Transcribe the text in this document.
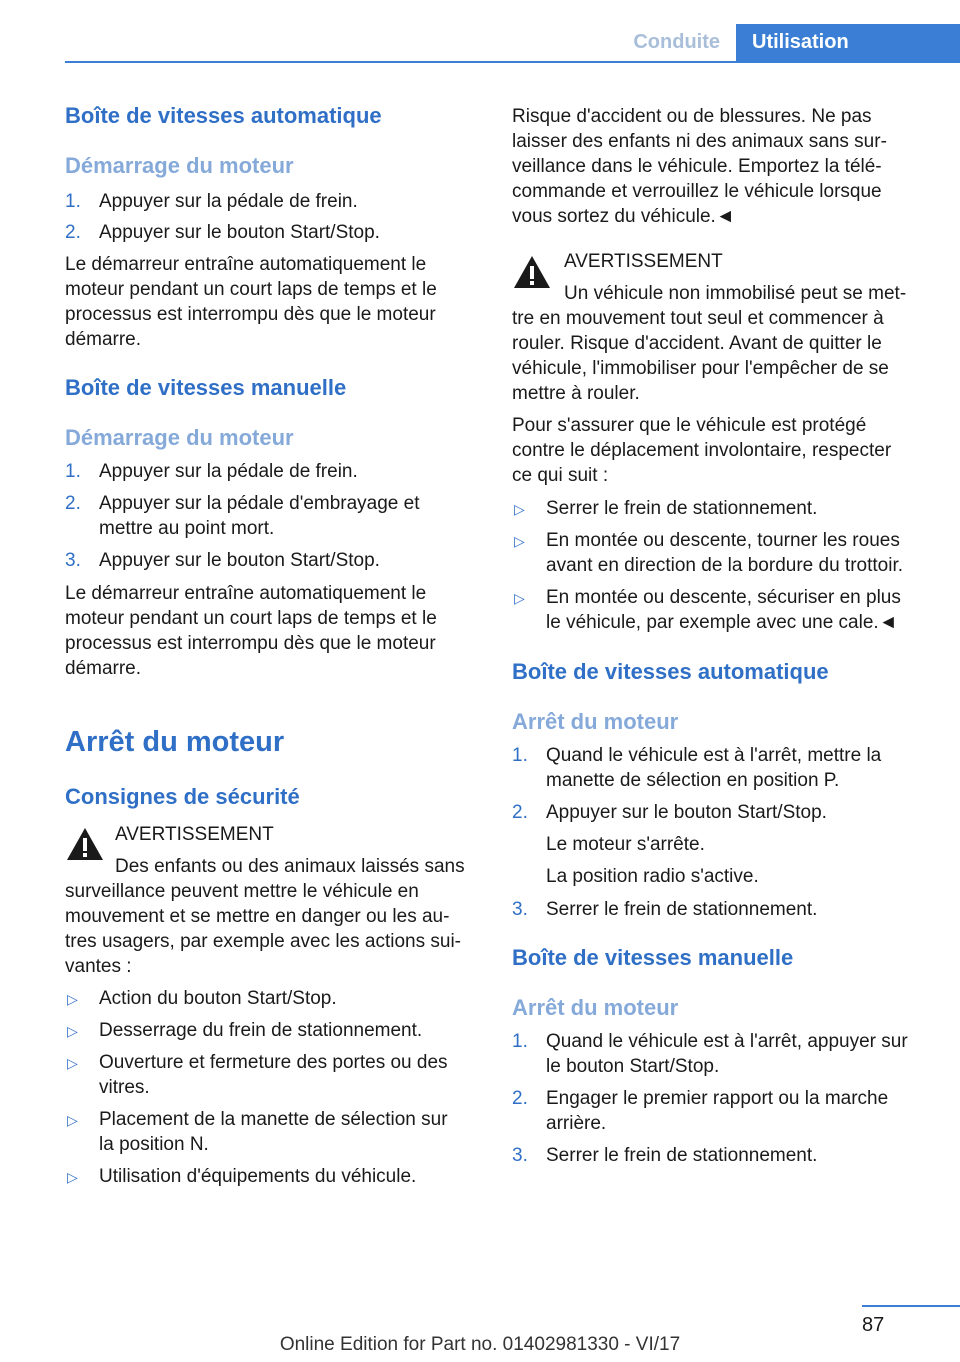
Conduite	Utilisation
Boîte de vitesses automatique
Démarrage du moteur
1. Appuyer sur la pédale de frein.
2. Appuyer sur le bouton Start/Stop.
Le démarreur entraîne automatiquement le
moteur pendant un court laps de temps et le
processus est interrompu dès que le moteur
démarre.
Boîte de vitesses manuelle
Démarrage du moteur
1. Appuyer sur la pédale de frein.
2. Appuyer sur la pédale d'embrayage et
mettre au point mort.
3. Appuyer sur le bouton Start/Stop.
Le démarreur entraîne automatiquement le
moteur pendant un court laps de temps et le
processus est interrompu dès que le moteur
démarre.
Arrêt du moteur
Consignes de sécurité
AVERTISSEMENT
Des enfants ou des animaux laissés sans
surveillance peuvent mettre le véhicule en
mouvement et se mettre en danger ou les au-
tres usagers, par exemple avec les actions sui-
vantes :
▷ Action du bouton Start/Stop.
▷ Desserrage du frein de stationnement.
▷ Ouverture et fermeture des portes ou des
vitres.
▷ Placement de la manette de sélection sur
la position N.
▷ Utilisation d'équipements du véhicule.
Risque d'accident ou de blessures. Ne pas
laisser des enfants ni des animaux sans sur-
veillance dans le véhicule. Emportez la télé-
commande et verrouillez le véhicule lorsque
vous sortez du véhicule.◄
AVERTISSEMENT
Un véhicule non immobilisé peut se met-
tre en mouvement tout seul et commencer à
rouler. Risque d'accident. Avant de quitter le
véhicule, l'immobiliser pour l'empêcher de se
mettre à rouler.
Pour s'assurer que le véhicule est protégé
contre le déplacement involontaire, respecter
ce qui suit :
▷ Serrer le frein de stationnement.
▷ En montée ou descente, tourner les roues
avant en direction de la bordure du trottoir.
▷ En montée ou descente, sécuriser en plus
le véhicule, par exemple avec une cale.◄
Boîte de vitesses automatique
Arrêt du moteur
1. Quand le véhicule est à l'arrêt, mettre la
manette de sélection en position P.
2. Appuyer sur le bouton Start/Stop.
Le moteur s'arrête.
La position radio s'active.
3. Serrer le frein de stationnement.
Boîte de vitesses manuelle
Arrêt du moteur
1. Quand le véhicule est à l'arrêt, appuyer sur
le bouton Start/Stop.
2. Engager le premier rapport ou la marche
arrière.
3. Serrer le frein de stationnement.
87
Online Edition for Part no. 01402981330 - VI/17
